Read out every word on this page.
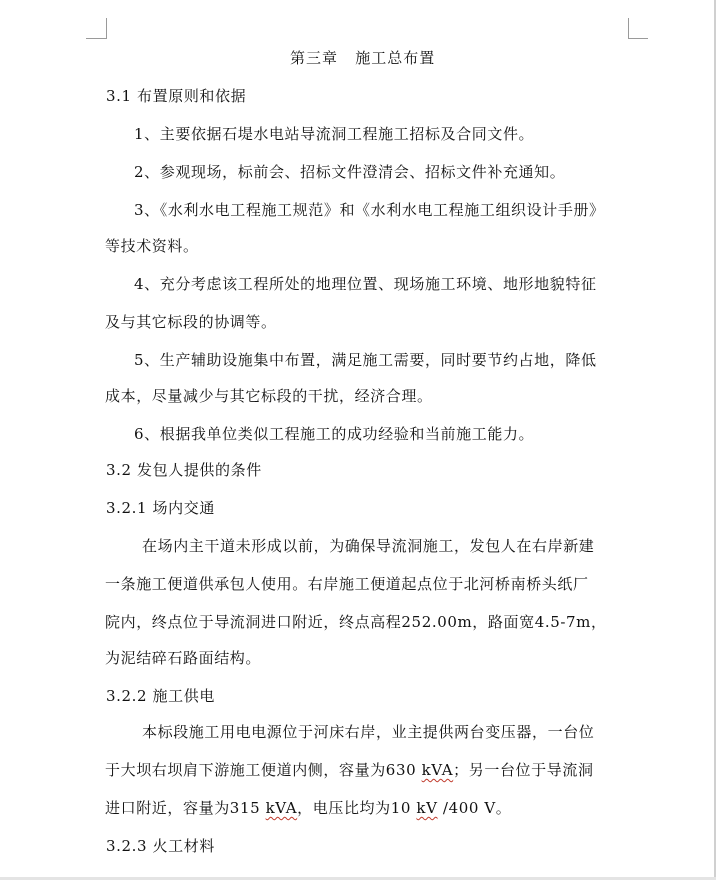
第三章   施工总布置
3.1 布置原则和依据
1、主要依据石堤水电站导流洞工程施工招标及合同文件。
2、参观现场，标前会、招标文件澄清会、招标文件补充通知。
3、《水利水电工程施工规范》和《水利水电工程施工组织设计手册》
等技术资料。
4、充分考虑该工程所处的地理位置、现场施工环境、地形地貌特征
及与其它标段的协调等。
5、生产辅助设施集中布置，满足施工需要，同时要节约占地，降低
成本，尽量减少与其它标段的干扰，经济合理。
6、根据我单位类似工程施工的成功经验和当前施工能力。
3.2 发包人提供的条件
3.2.1 场内交通
在场内主干道未形成以前，为确保导流洞施工，发包人在右岸新建
一条施工便道供承包人使用。右岸施工便道起点位于北河桥南桥头纸厂
院内，终点位于导流洞进口附近，终点高程252.00m，路面宽4.5-7m，
为泥结碎石路面结构。
3.2.2 施工供电
本标段施工用电电源位于河床右岸，业主提供两台变压器，一台位
于大坝右坝肩下游施工便道内侧，容量为630 kVA；另一台位于导流洞
进口附近，容量为315 kVA，电压比均为10 kV /400 V。
3.2.3 火工材料
